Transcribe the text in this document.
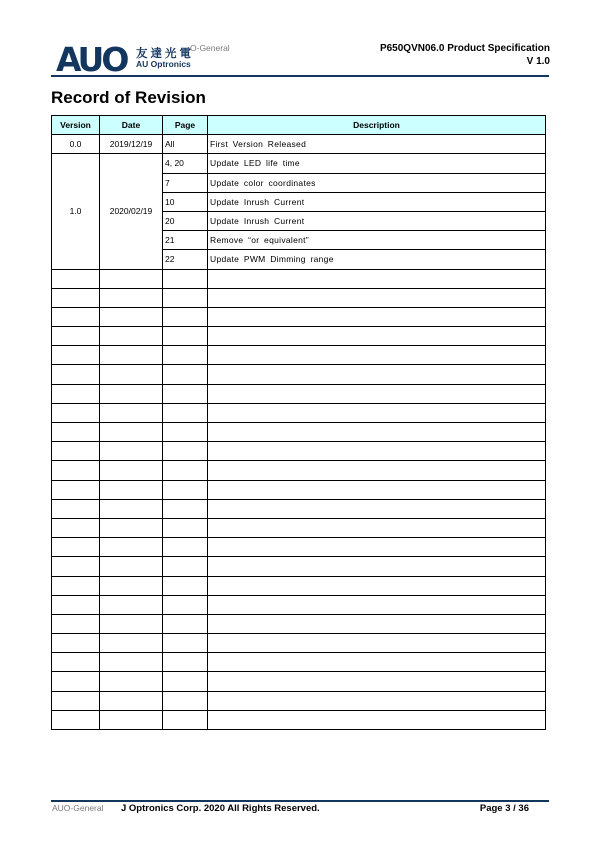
AUO 友達光電
AU Optronics
O-General	P650QVN06.0 Product Specification
V 1.0
Record of Revision
Version	Date	Page	Description
0.0	2019/12/19	All	First Version Released
1.0	2020/02/19	4, 20	Update LED life time
		7	Update color coordinates
		10	Update Inrush Current
		20	Update Inrush Current
		21	Remove “or equivalent”
		22	Update PWM Dimming range

AUO-General J Optronics Corp. 2020 All Rights Reserved.	Page 3 / 36
